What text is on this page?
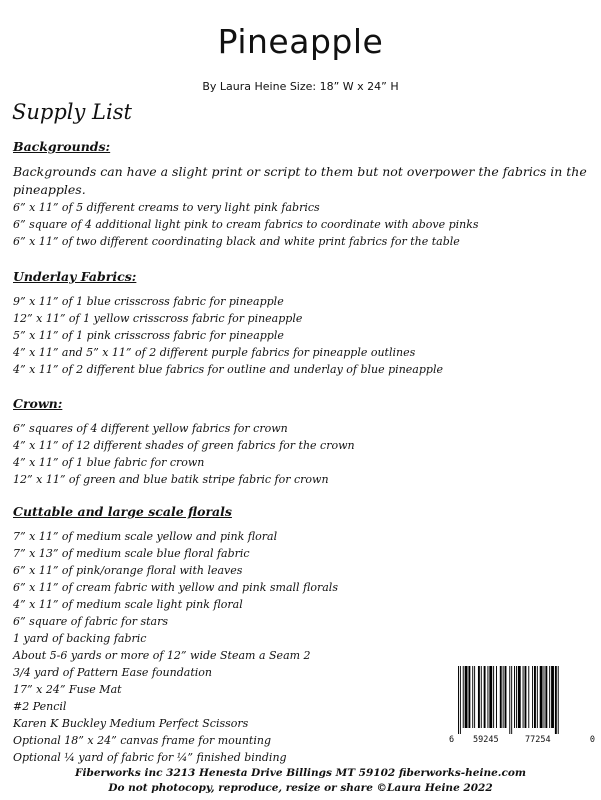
Pineapple
By Laura Heine Size: 18” W x 24” H
Supply List
Backgrounds:
Backgrounds can have a slight print or script to them but not overpower the fabrics in the pineapples.
6” x 11” of 5 different creams to very light pink fabrics
6” square of 4 additional light pink to cream fabrics to coordinate with above pinks
6” x 11” of two different coordinating black and white print fabrics for the table
Underlay Fabrics:
9” x 11” of 1 blue crisscross fabric for pineapple
12” x 11” of 1 yellow crisscross fabric for pineapple
5” x 11” of 1 pink crisscross fabric for pineapple
4” x 11” and 5” x 11” of 2 different purple fabrics for pineapple outlines
4” x 11” of 2 different blue fabrics for outline and underlay of blue pineapple
Crown:
6” squares of 4 different yellow fabrics for crown
4” x 11” of 12 different shades of green fabrics for the crown
4” x 11” of 1 blue fabric for crown
12” x 11” of green and blue batik stripe fabric for crown
Cuttable and large scale florals
7” x 11” of medium scale yellow and pink floral
7” x 13” of medium scale blue floral fabric
6” x 11” of pink/orange floral with leaves
6” x 11” of cream fabric with yellow and pink small florals
4” x 11” of medium scale light pink floral
6” square of fabric for stars
1 yard of backing fabric
About 5-6 yards or more of 12” wide Steam a Seam 2
3/4 yard of Pattern Ease foundation
17” x 24” Fuse Mat
#2 Pencil
Karen K Buckley Medium Perfect Scissors
Optional 18” x 24” canvas frame for mounting
Optional ¼ yard of fabric for ¼” finished binding
6 59245	77254	0
Fiberworks inc 3213 Henesta Drive Billings MT 59102 fiberworks-heine.com
Do not photocopy, reproduce, resize or share ©Laura Heine 2022
